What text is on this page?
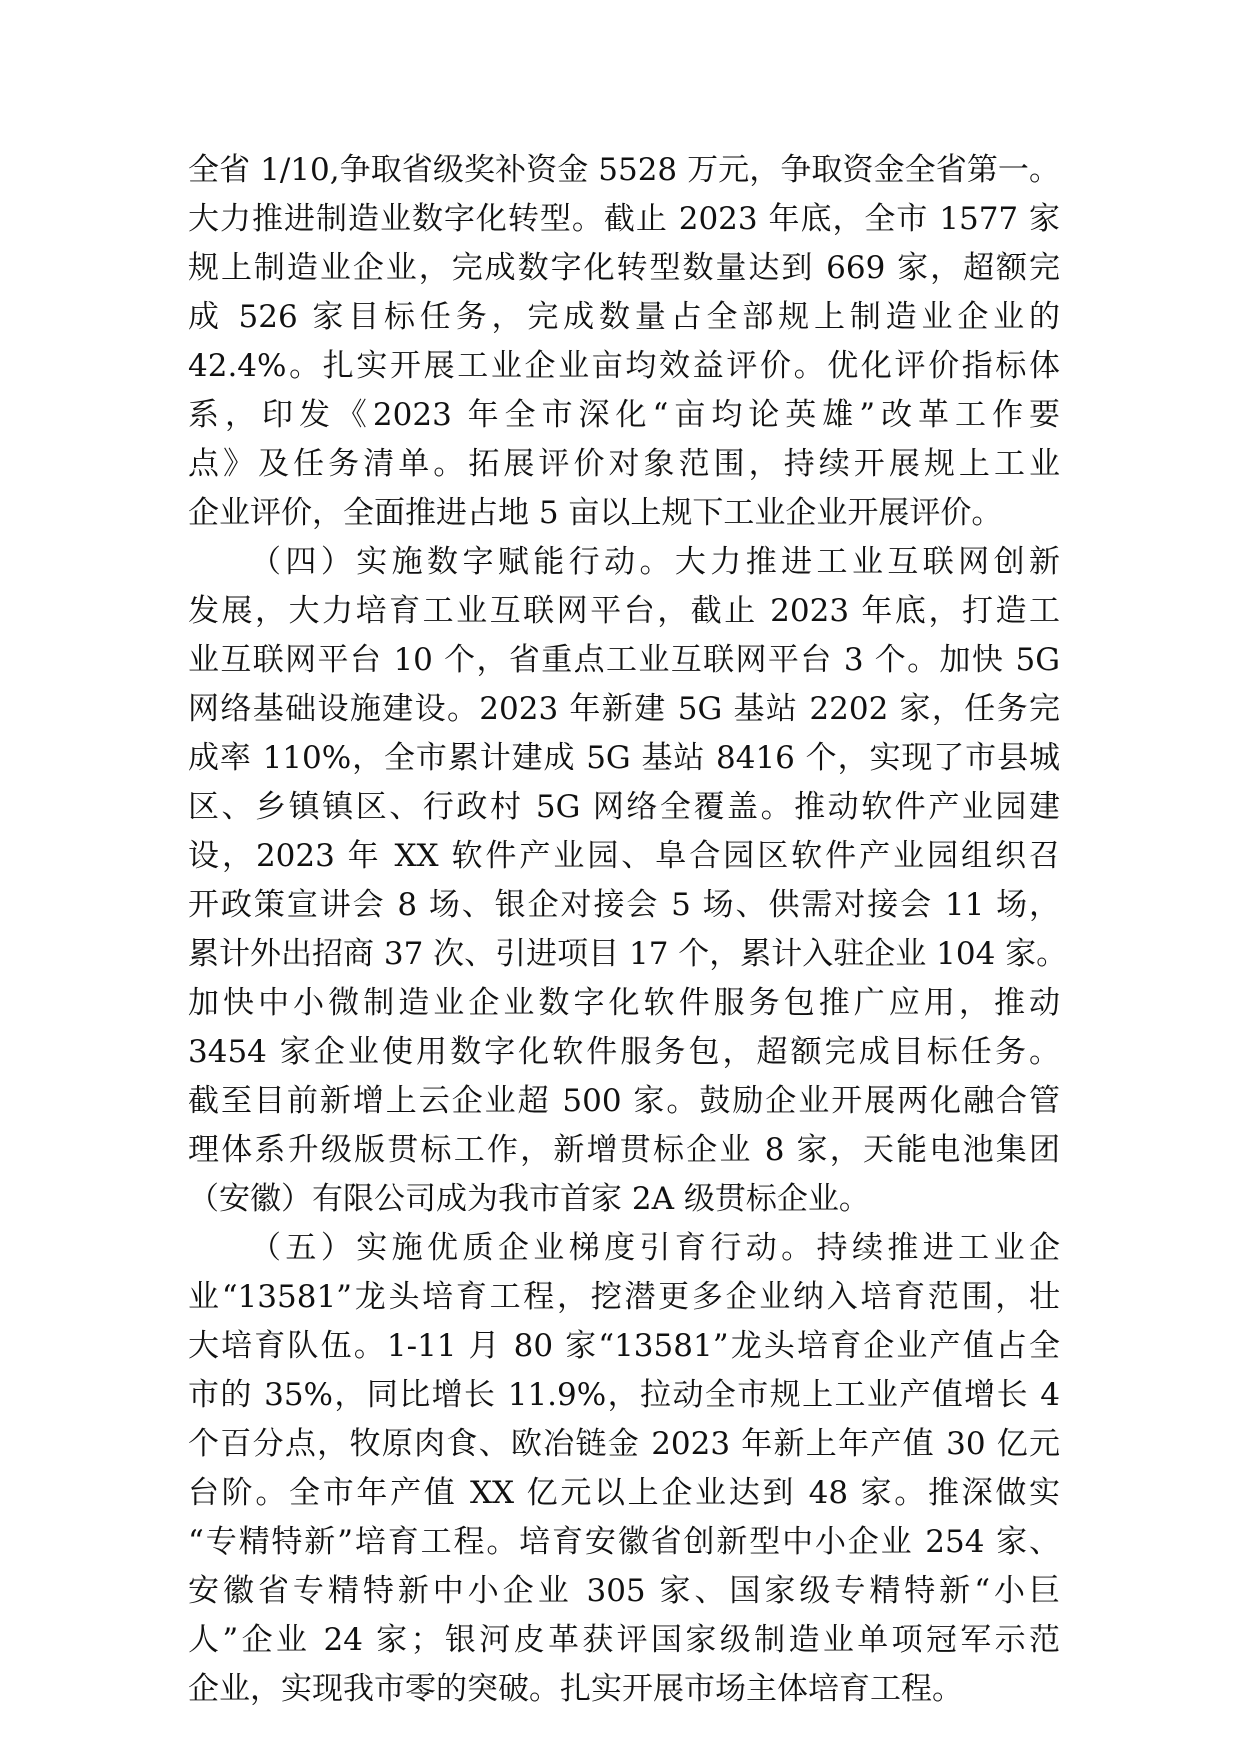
全省 1/10,争取省级奖补资金 5528 万元，争取资金全省第一。
大力推进制造业数字化转型。截止 2023 年底，全市 1577 家
规上制造业企业，完成数字化转型数量达到 669 家，超额完
成 526 家目标任务，完成数量占全部规上制造业企业的
42.4%。扎实开展工业企业亩均效益评价。优化评价指标体
系，印发《2023 年全市深化“亩均论英雄”改革工作要
点》及任务清单。拓展评价对象范围，持续开展规上工业
企业评价，全面推进占地 5 亩以上规下工业企业开展评价。
（四）实施数字赋能行动。大力推进工业互联网创新
发展，大力培育工业互联网平台，截止 2023 年底，打造工
业互联网平台 10 个，省重点工业互联网平台 3 个。加快 5G
网络基础设施建设。2023 年新建 5G 基站 2202 家，任务完
成率 110%，全市累计建成 5G 基站 8416 个，实现了市县城
区、乡镇镇区、行政村 5G 网络全覆盖。推动软件产业园建
设，2023 年 XX 软件产业园、阜合园区软件产业园组织召
开政策宣讲会 8 场、银企对接会 5 场、供需对接会 11 场，
累计外出招商 37 次、引进项目 17 个，累计入驻企业 104 家。
加快中小微制造业企业数字化软件服务包推广应用，推动
3454 家企业使用数字化软件服务包，超额完成目标任务。
截至目前新增上云企业超 500 家。鼓励企业开展两化融合管
理体系升级版贯标工作，新增贯标企业 8 家，天能电池集团
（安徽）有限公司成为我市首家 2A 级贯标企业。
（五）实施优质企业梯度引育行动。持续推进工业企
业“13581”龙头培育工程，挖潜更多企业纳入培育范围，壮
大培育队伍。1-11 月 80 家“13581”龙头培育企业产值占全
市的 35%，同比增长 11.9%，拉动全市规上工业产值增长 4
个百分点，牧原肉食、欧冶链金 2023 年新上年产值 30 亿元
台阶。全市年产值 XX 亿元以上企业达到 48 家。推深做实
“专精特新”培育工程。培育安徽省创新型中小企业 254 家、
安徽省专精特新中小企业 305 家、国家级专精特新“小巨
人”企业 24 家；银河皮革获评国家级制造业单项冠军示范
企业，实现我市零的突破。扎实开展市场主体培育工程。
